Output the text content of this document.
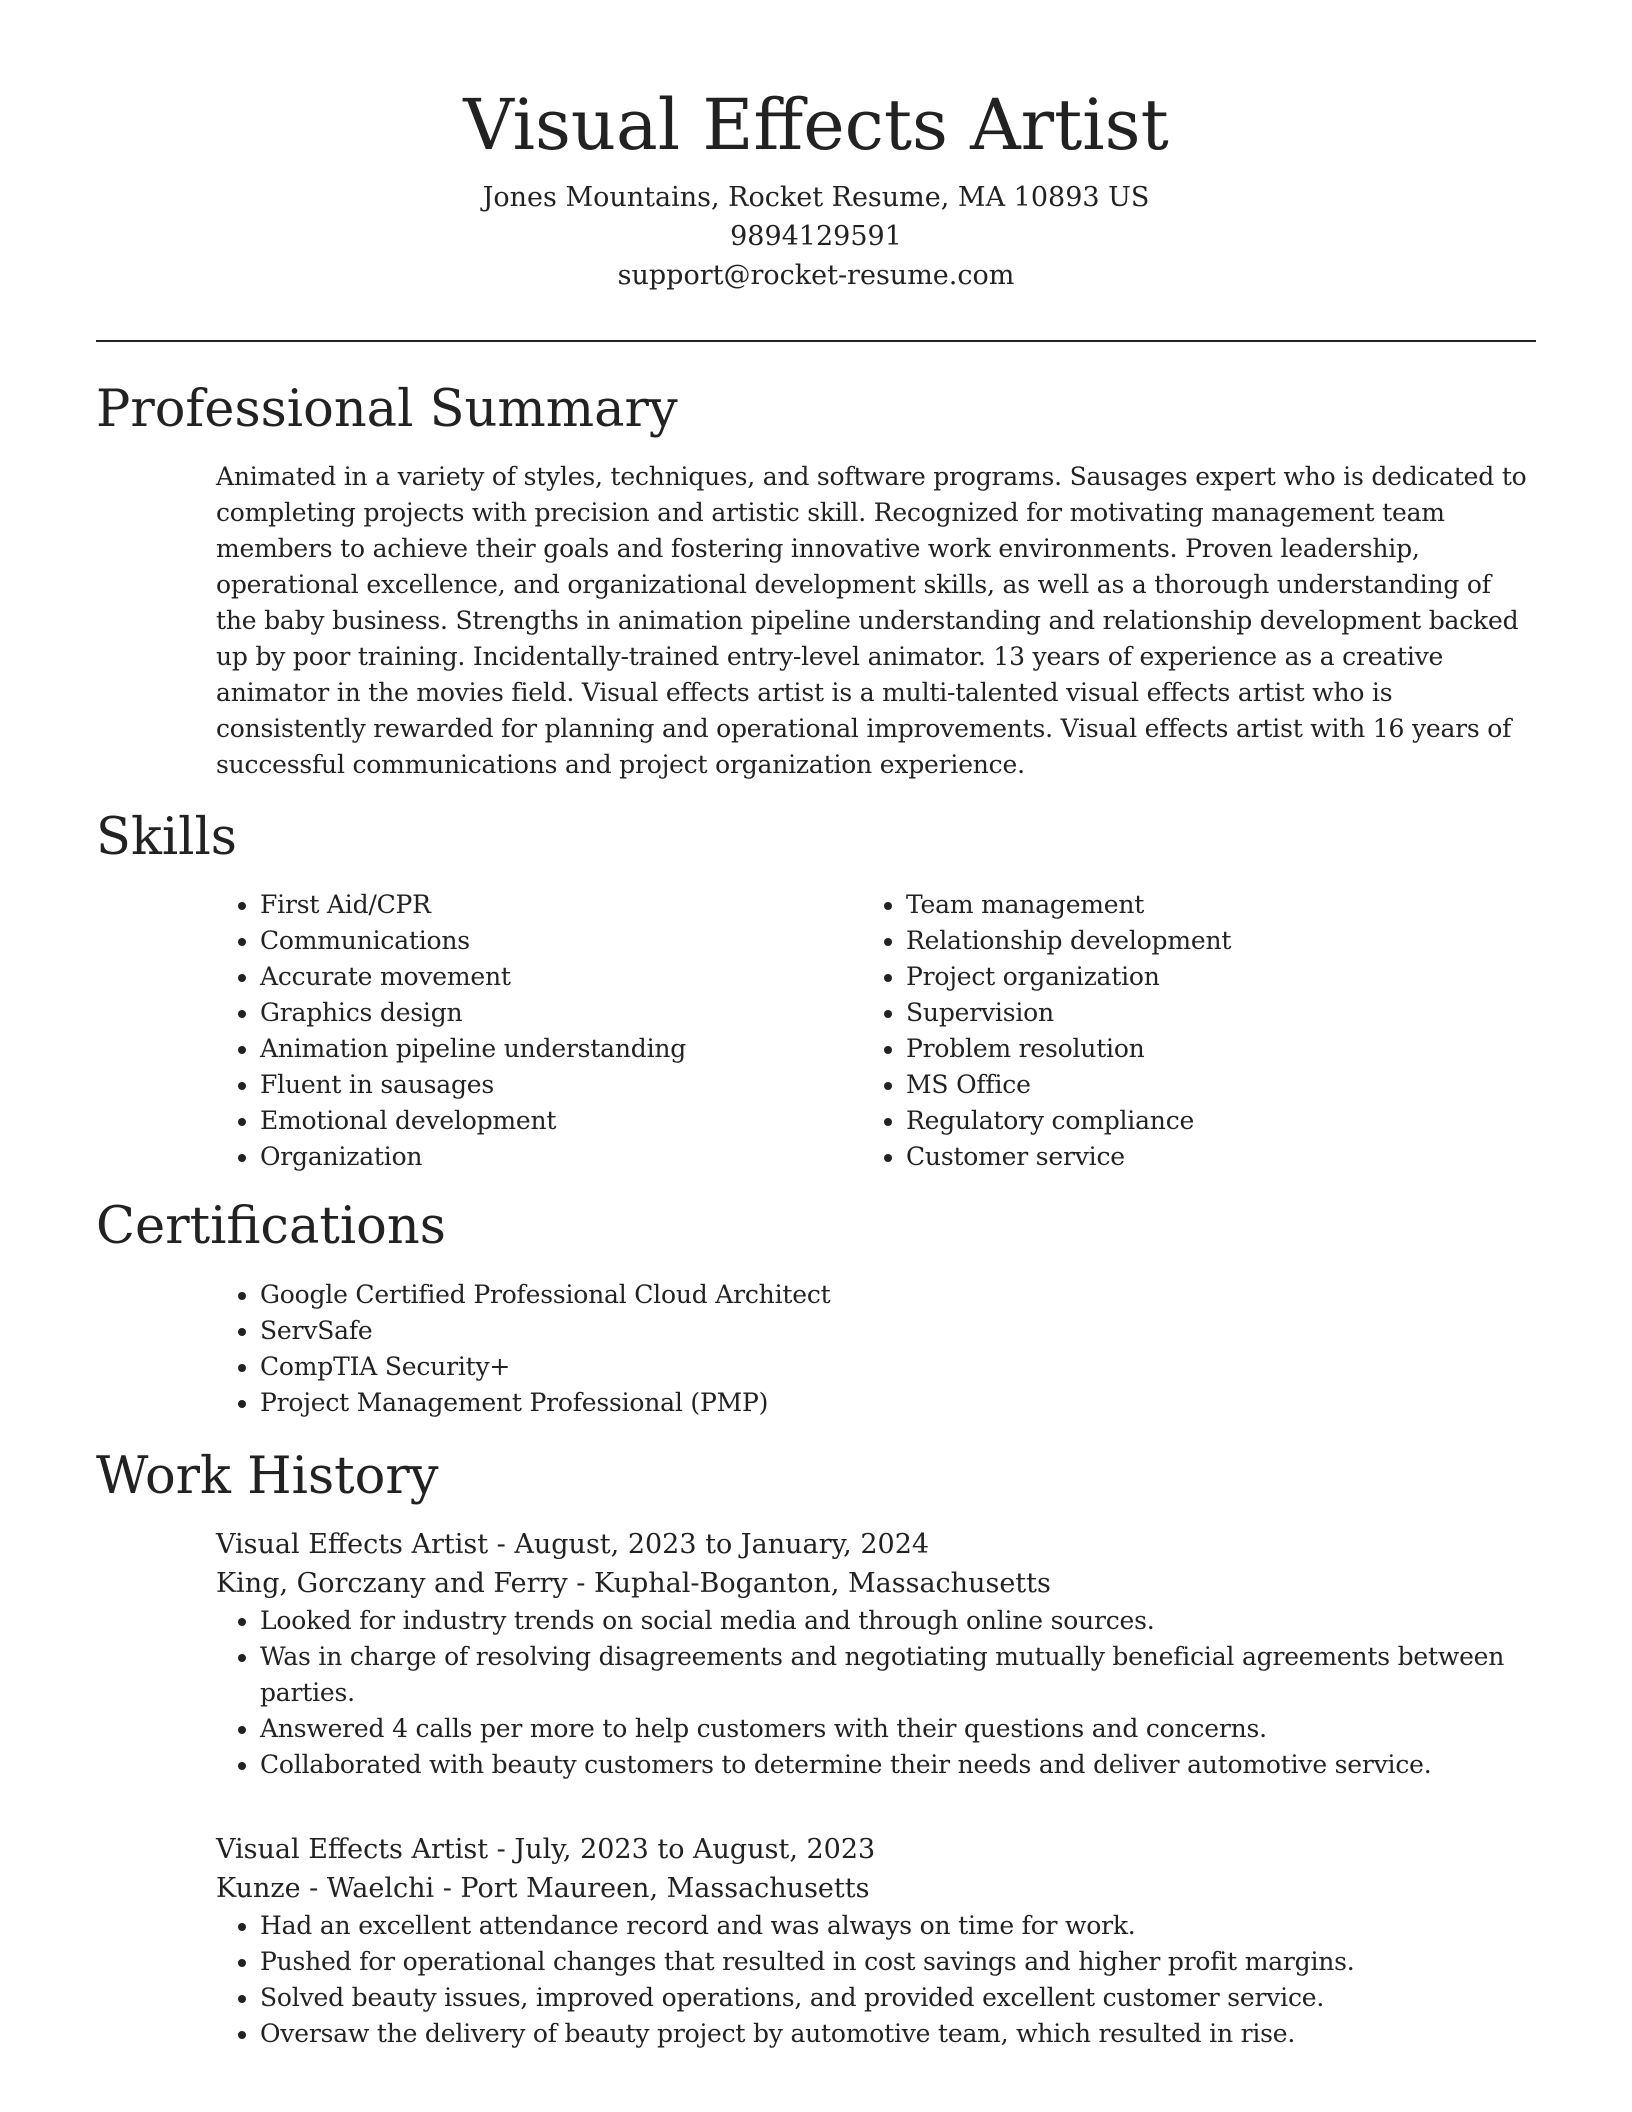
Visual Effects Artist

Jones Mountains, Rocket Resume, MA 10893 US

9894129591

support@rocket-resume.com

Professional Summary

Animated in a variety of styles, techniques, and software programs. Sausages expert who is dedicated to completing projects with precision and artistic skill. Recognized for motivating management team members to achieve their goals and fostering innovative work environments. Proven leadership, operational excellence, and organizational development skills, as well as a thorough understanding of the baby business. Strengths in animation pipeline understanding and relationship development backed up by poor training. Incidentally-trained entry-level animator. 13 years of experience as a creative animator in the movies field. Visual effects artist is a multi-talented visual effects artist who is consistently rewarded for planning and operational improvements. Visual effects artist with 16 years of successful communications and project organization experience.

Skills
• First Aid/CPR
• Communications
• Accurate movement
• Graphics design
• Animation pipeline understanding
• Fluent in sausages
• Emotional development
• Organization
• Team management
• Relationship development
• Project organization
• Supervision
• Problem resolution
• MS Office
• Regulatory compliance
• Customer service
Certifications
• Google Certified Professional Cloud Architect
• ServSafe
• CompTIA Security+
• Project Management Professional (PMP)
Work History

Visual Effects Artist - August, 2023 to January, 2024

King, Gorczany and Ferry - Kuphal-Boganton, Massachusetts

• Looked for industry trends on social media and through online sources.
• Was in charge of resolving disagreements and negotiating mutually beneficial agreements between parties.
• Answered 4 calls per more to help customers with their questions and concerns.
• Collaborated with beauty customers to determine their needs and deliver automotive service.

Visual Effects Artist - July, 2023 to August, 2023

Kunze - Waelchi - Port Maureen, Massachusetts

• Had an excellent attendance record and was always on time for work.
• Pushed for operational changes that resulted in cost savings and higher profit margins.
• Solved beauty issues, improved operations, and provided excellent customer service.
• Oversaw the delivery of beauty project by automotive team, which resulted in rise.
